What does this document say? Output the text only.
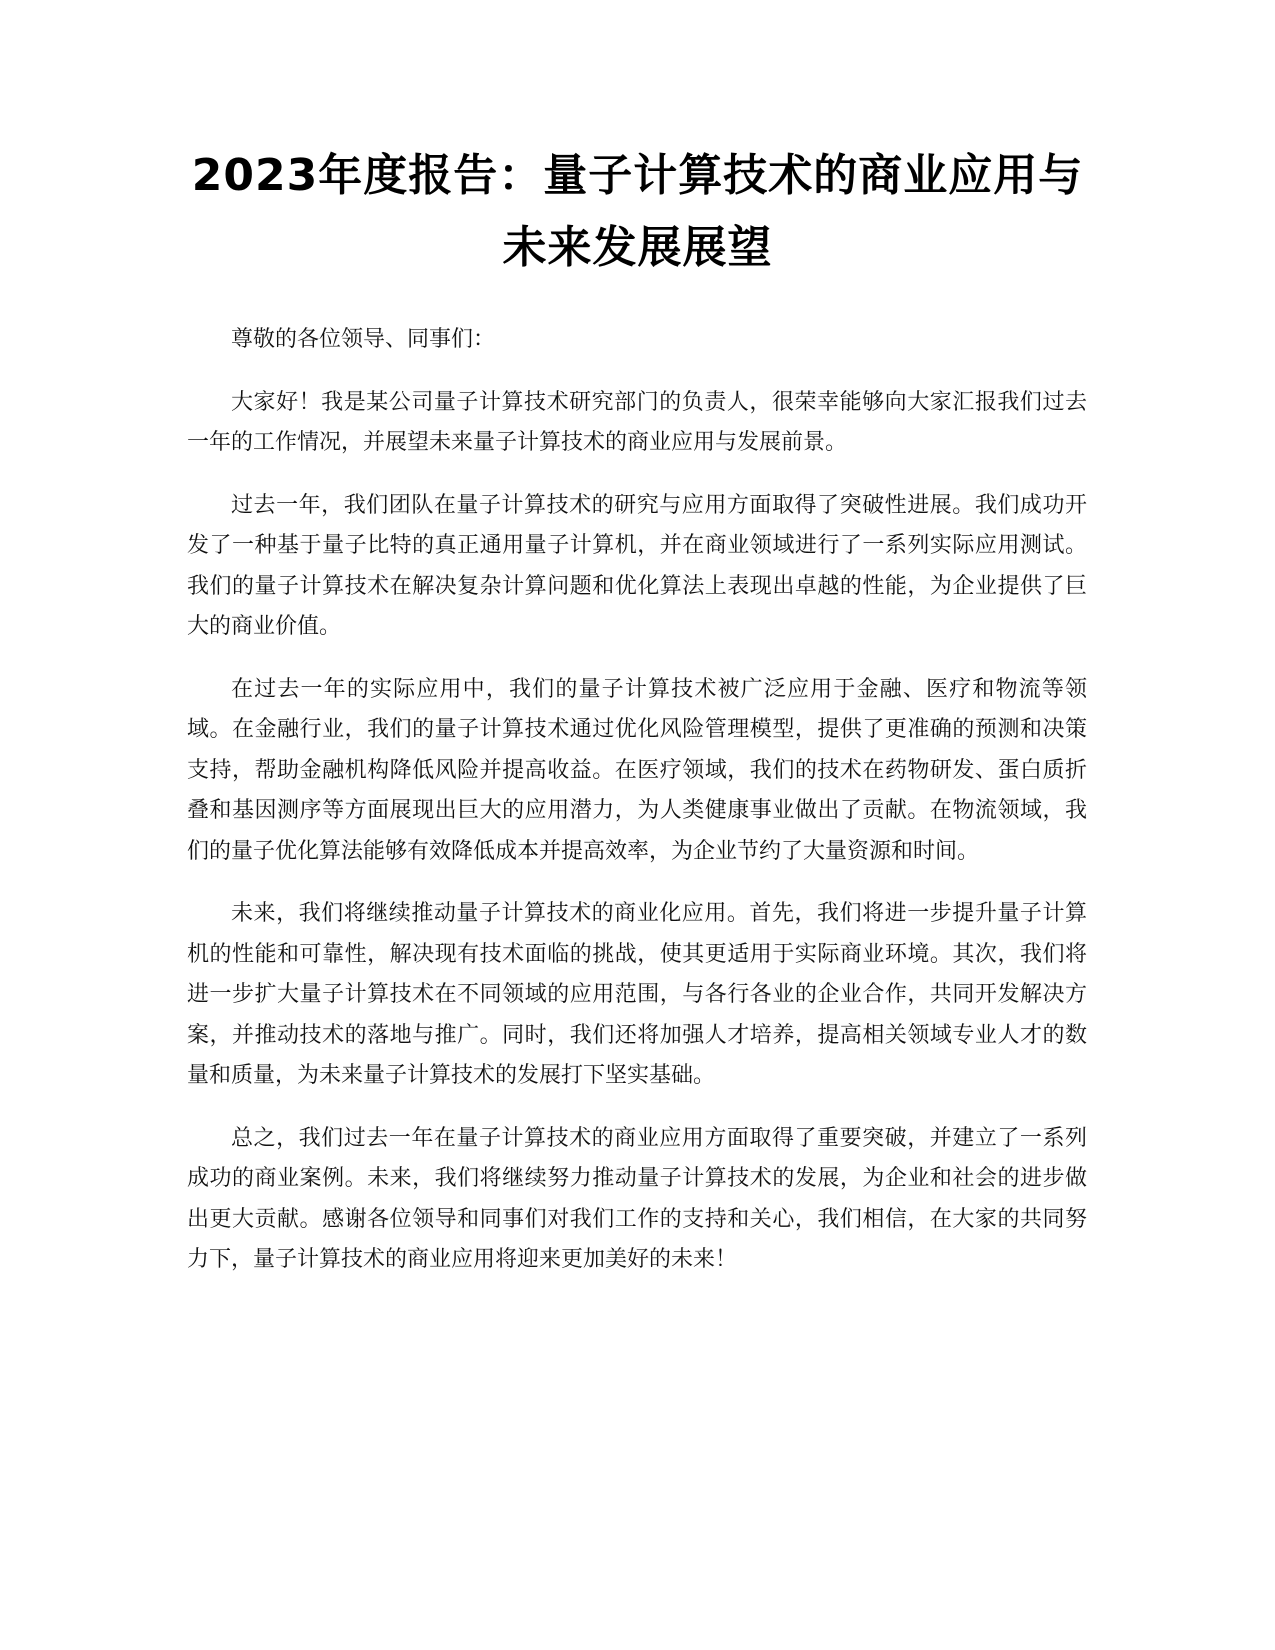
2023年度报告：量子计算技术的商业应用与
未来发展展望

尊敬的各位领导、同事们：

大家好！我是某公司量子计算技术研究部门的负责人，很荣幸能够向大家汇报我们过去一年的工作情况，并展望未来量子计算技术的商业应用与发展前景。

过去一年，我们团队在量子计算技术的研究与应用方面取得了突破性进展。我们成功开发了一种基于量子比特的真正通用量子计算机，并在商业领域进行了一系列实际应用测试。我们的量子计算技术在解决复杂计算问题和优化算法上表现出卓越的性能，为企业提供了巨大的商业价值。

在过去一年的实际应用中，我们的量子计算技术被广泛应用于金融、医疗和物流等领域。在金融行业，我们的量子计算技术通过优化风险管理模型，提供了更准确的预测和决策支持，帮助金融机构降低风险并提高收益。在医疗领域，我们的技术在药物研发、蛋白质折叠和基因测序等方面展现出巨大的应用潜力，为人类健康事业做出了贡献。在物流领域，我们的量子优化算法能够有效降低成本并提高效率，为企业节约了大量资源和时间。

未来，我们将继续推动量子计算技术的商业化应用。首先，我们将进一步提升量子计算机的性能和可靠性，解决现有技术面临的挑战，使其更适用于实际商业环境。其次，我们将进一步扩大量子计算技术在不同领域的应用范围，与各行各业的企业合作，共同开发解决方案，并推动技术的落地与推广。同时，我们还将加强人才培养，提高相关领域专业人才的数量和质量，为未来量子计算技术的发展打下坚实基础。

总之，我们过去一年在量子计算技术的商业应用方面取得了重要突破，并建立了一系列成功的商业案例。未来，我们将继续努力推动量子计算技术的发展，为企业和社会的进步做出更大贡献。感谢各位领导和同事们对我们工作的支持和关心，我们相信，在大家的共同努力下，量子计算技术的商业应用将迎来更加美好的未来！
